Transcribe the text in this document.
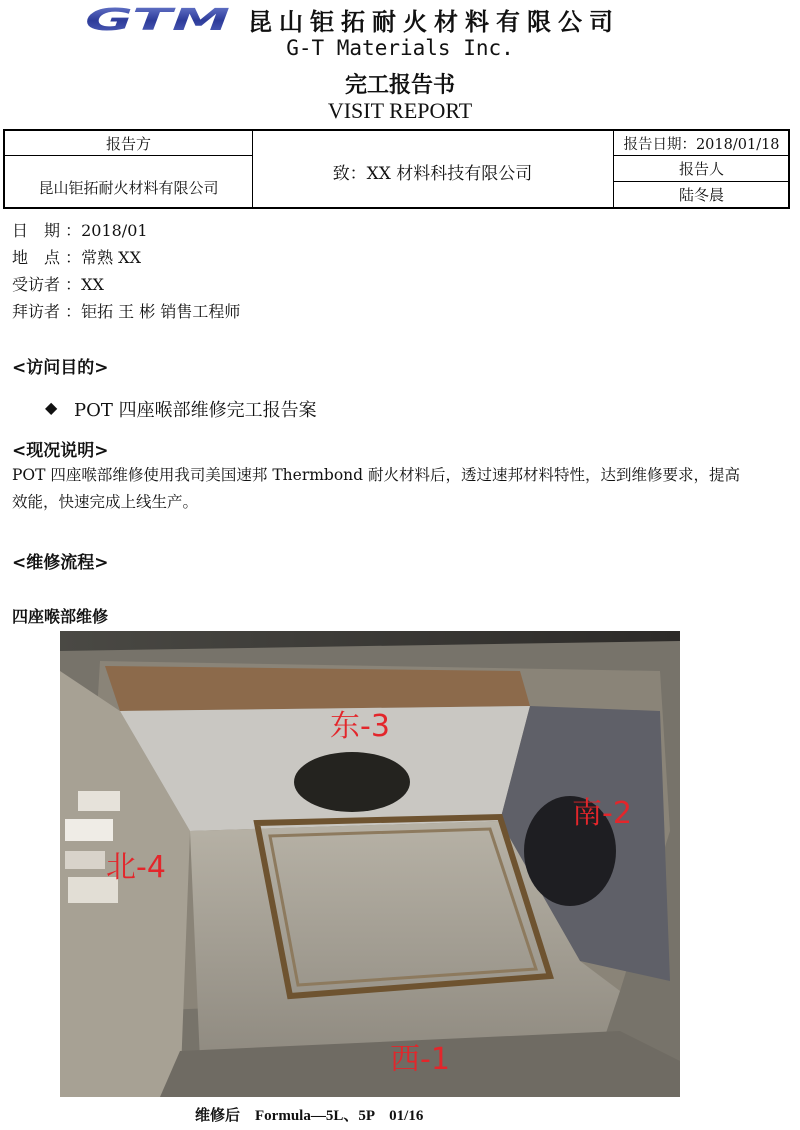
GTM 昆山钜拓耐火材料有限公司
G-T Materials Inc.
完工报告书
VISIT REPORT
报告方
昆山钜拓耐火材料有限公司
致：XX 材料科技有限公司
报告日期：2018/01/18
报告人
陆冬晨
日　期 ：2018/01
地　点 ：常熟 XX
受访者 ：XX
拜访者 ：钜拓 王 彬 销售工程师
<访问目的>
◆ POT 四座喉部维修完工报告案
<现况说明>
POT 四座喉部维修使用我司美国速邦 Thermbond 耐火材料后，透过速邦材料特性，达到维修要求，提高效能，快速完成上线生产。
<维修流程>
四座喉部维修
东-3
南-2
北-4
西-1
维修后　Formula—5L、5P　01/16
